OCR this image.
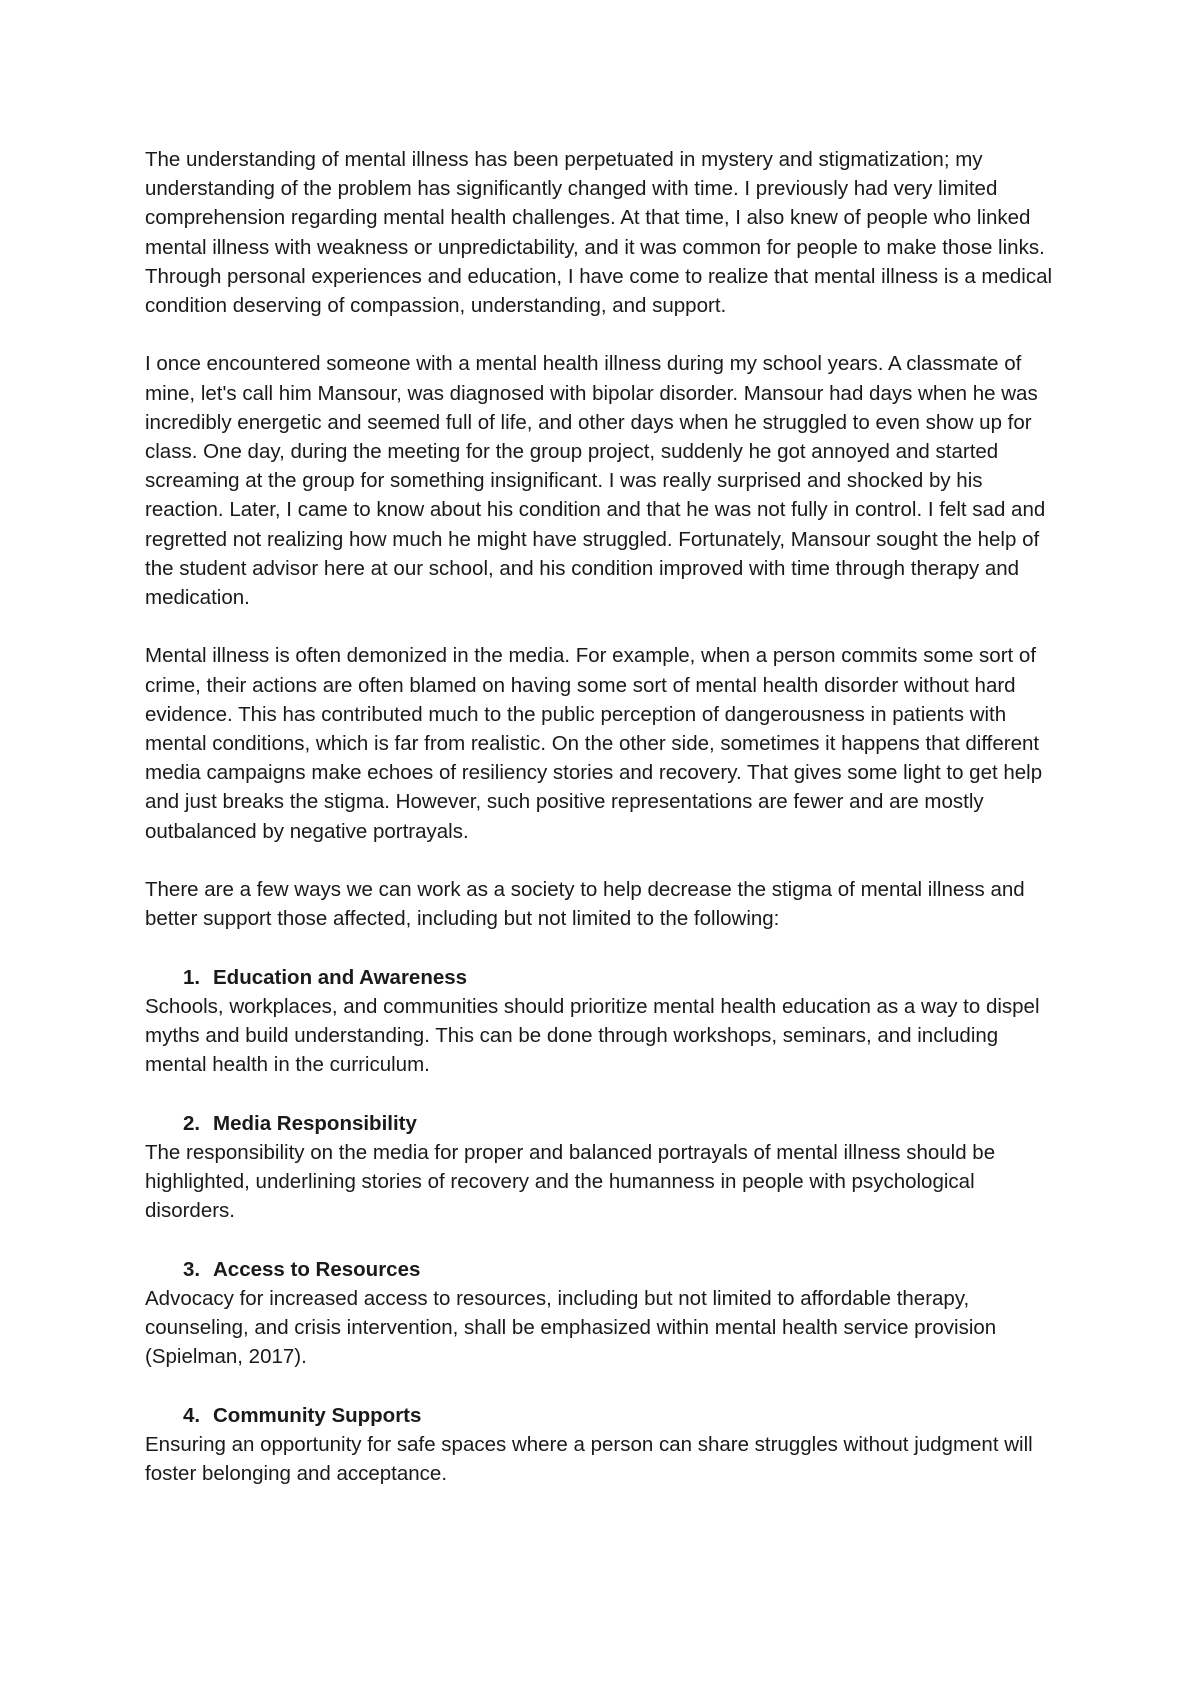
The understanding of mental illness has been perpetuated in mystery and stigmatization; my understanding of the problem has significantly changed with time. I previously had very limited comprehension regarding mental health challenges. At that time, I also knew of people who linked mental illness with weakness or unpredictability, and it was common for people to make those links. Through personal experiences and education, I have come to realize that mental illness is a medical condition deserving of compassion, understanding, and support.

I once encountered someone with a mental health illness during my school years. A classmate of mine, let's call him Mansour, was diagnosed with bipolar disorder. Mansour had days when he was incredibly energetic and seemed full of life, and other days when he struggled to even show up for class. One day, during the meeting for the group project, suddenly he got annoyed and started screaming at the group for something insignificant. I was really surprised and shocked by his reaction. Later, I came to know about his condition and that he was not fully in control. I felt sad and regretted not realizing how much he might have struggled. Fortunately, Mansour sought the help of the student advisor here at our school, and his condition improved with time through therapy and medication.

Mental illness is often demonized in the media. For example, when a person commits some sort of crime, their actions are often blamed on having some sort of mental health disorder without hard evidence. This has contributed much to the public perception of dangerousness in patients with mental conditions, which is far from realistic. On the other side, sometimes it happens that different media campaigns make echoes of resiliency stories and recovery. That gives some light to get help and just breaks the stigma. However, such positive representations are fewer and are mostly outbalanced by negative portrayals.

There are a few ways we can work as a society to help decrease the stigma of mental illness and better support those affected, including but not limited to the following:

1. Education and Awareness

Schools, workplaces, and communities should prioritize mental health education as a way to dispel myths and build understanding. This can be done through workshops, seminars, and including mental health in the curriculum.

2. Media Responsibility

The responsibility on the media for proper and balanced portrayals of mental illness should be highlighted, underlining stories of recovery and the humanness in people with psychological disorders.

3. Access to Resources

Advocacy for increased access to resources, including but not limited to affordable therapy, counseling, and crisis intervention, shall be emphasized within mental health service provision (Spielman, 2017).

4. Community Supports

Ensuring an opportunity for safe spaces where a person can share struggles without judgment will foster belonging and acceptance.
